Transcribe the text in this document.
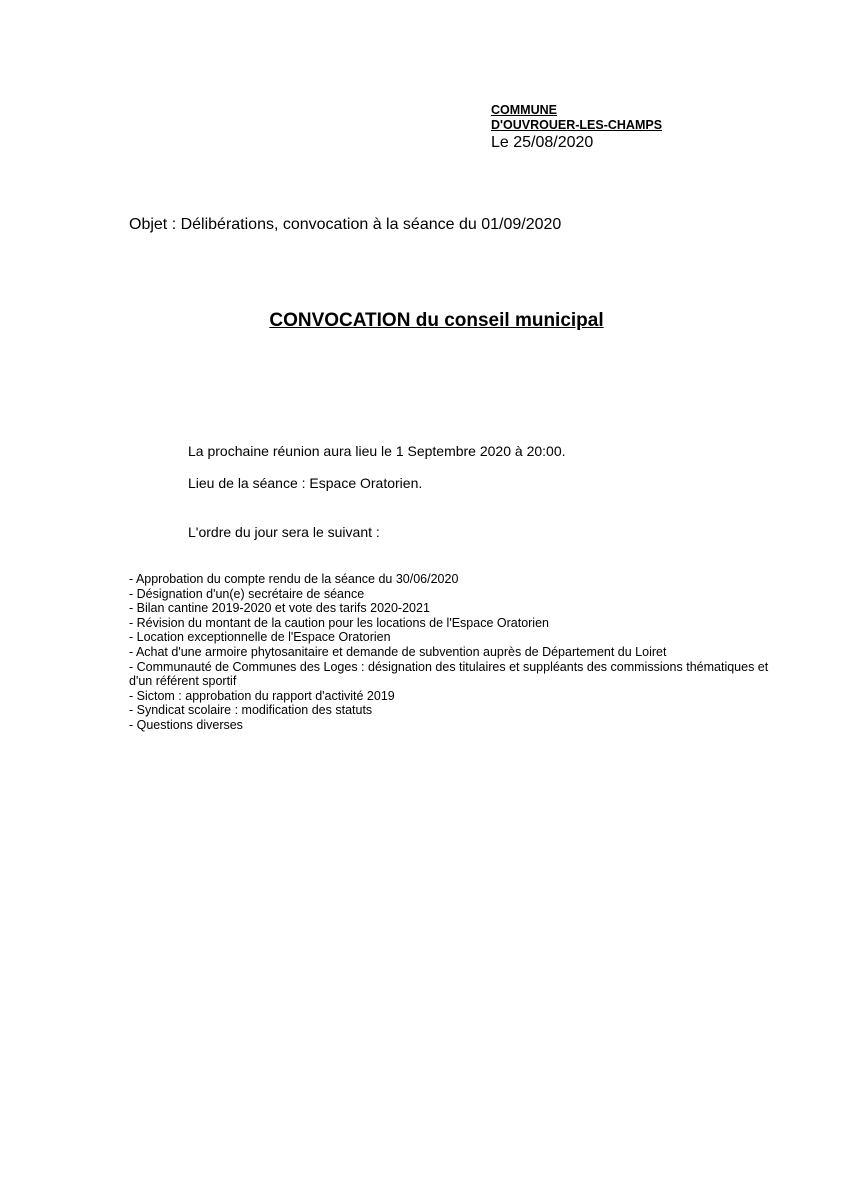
COMMUNE
D'OUVROUER-LES-CHAMPS
Le 25/08/2020
Objet : Délibérations, convocation à la séance du 01/09/2020
CONVOCATION du conseil municipal
La prochaine réunion aura lieu le 1 Septembre 2020 à 20:00.
Lieu de la séance : Espace Oratorien.
L'ordre du jour sera le suivant :
- Approbation du compte rendu de la séance du 30/06/2020
- Désignation d'un(e) secrétaire de séance
- Bilan cantine 2019-2020 et vote des tarifs 2020-2021
- Révision du montant de la caution pour les locations de l'Espace Oratorien
- Location exceptionnelle de l'Espace Oratorien
- Achat d'une armoire phytosanitaire et demande de subvention auprès de Département du Loiret
- Communauté de Communes des Loges : désignation des titulaires et suppléants des commissions thématiques et d'un référent sportif
- Sictom : approbation du rapport d'activité 2019
- Syndicat scolaire : modification des statuts
- Questions diverses
